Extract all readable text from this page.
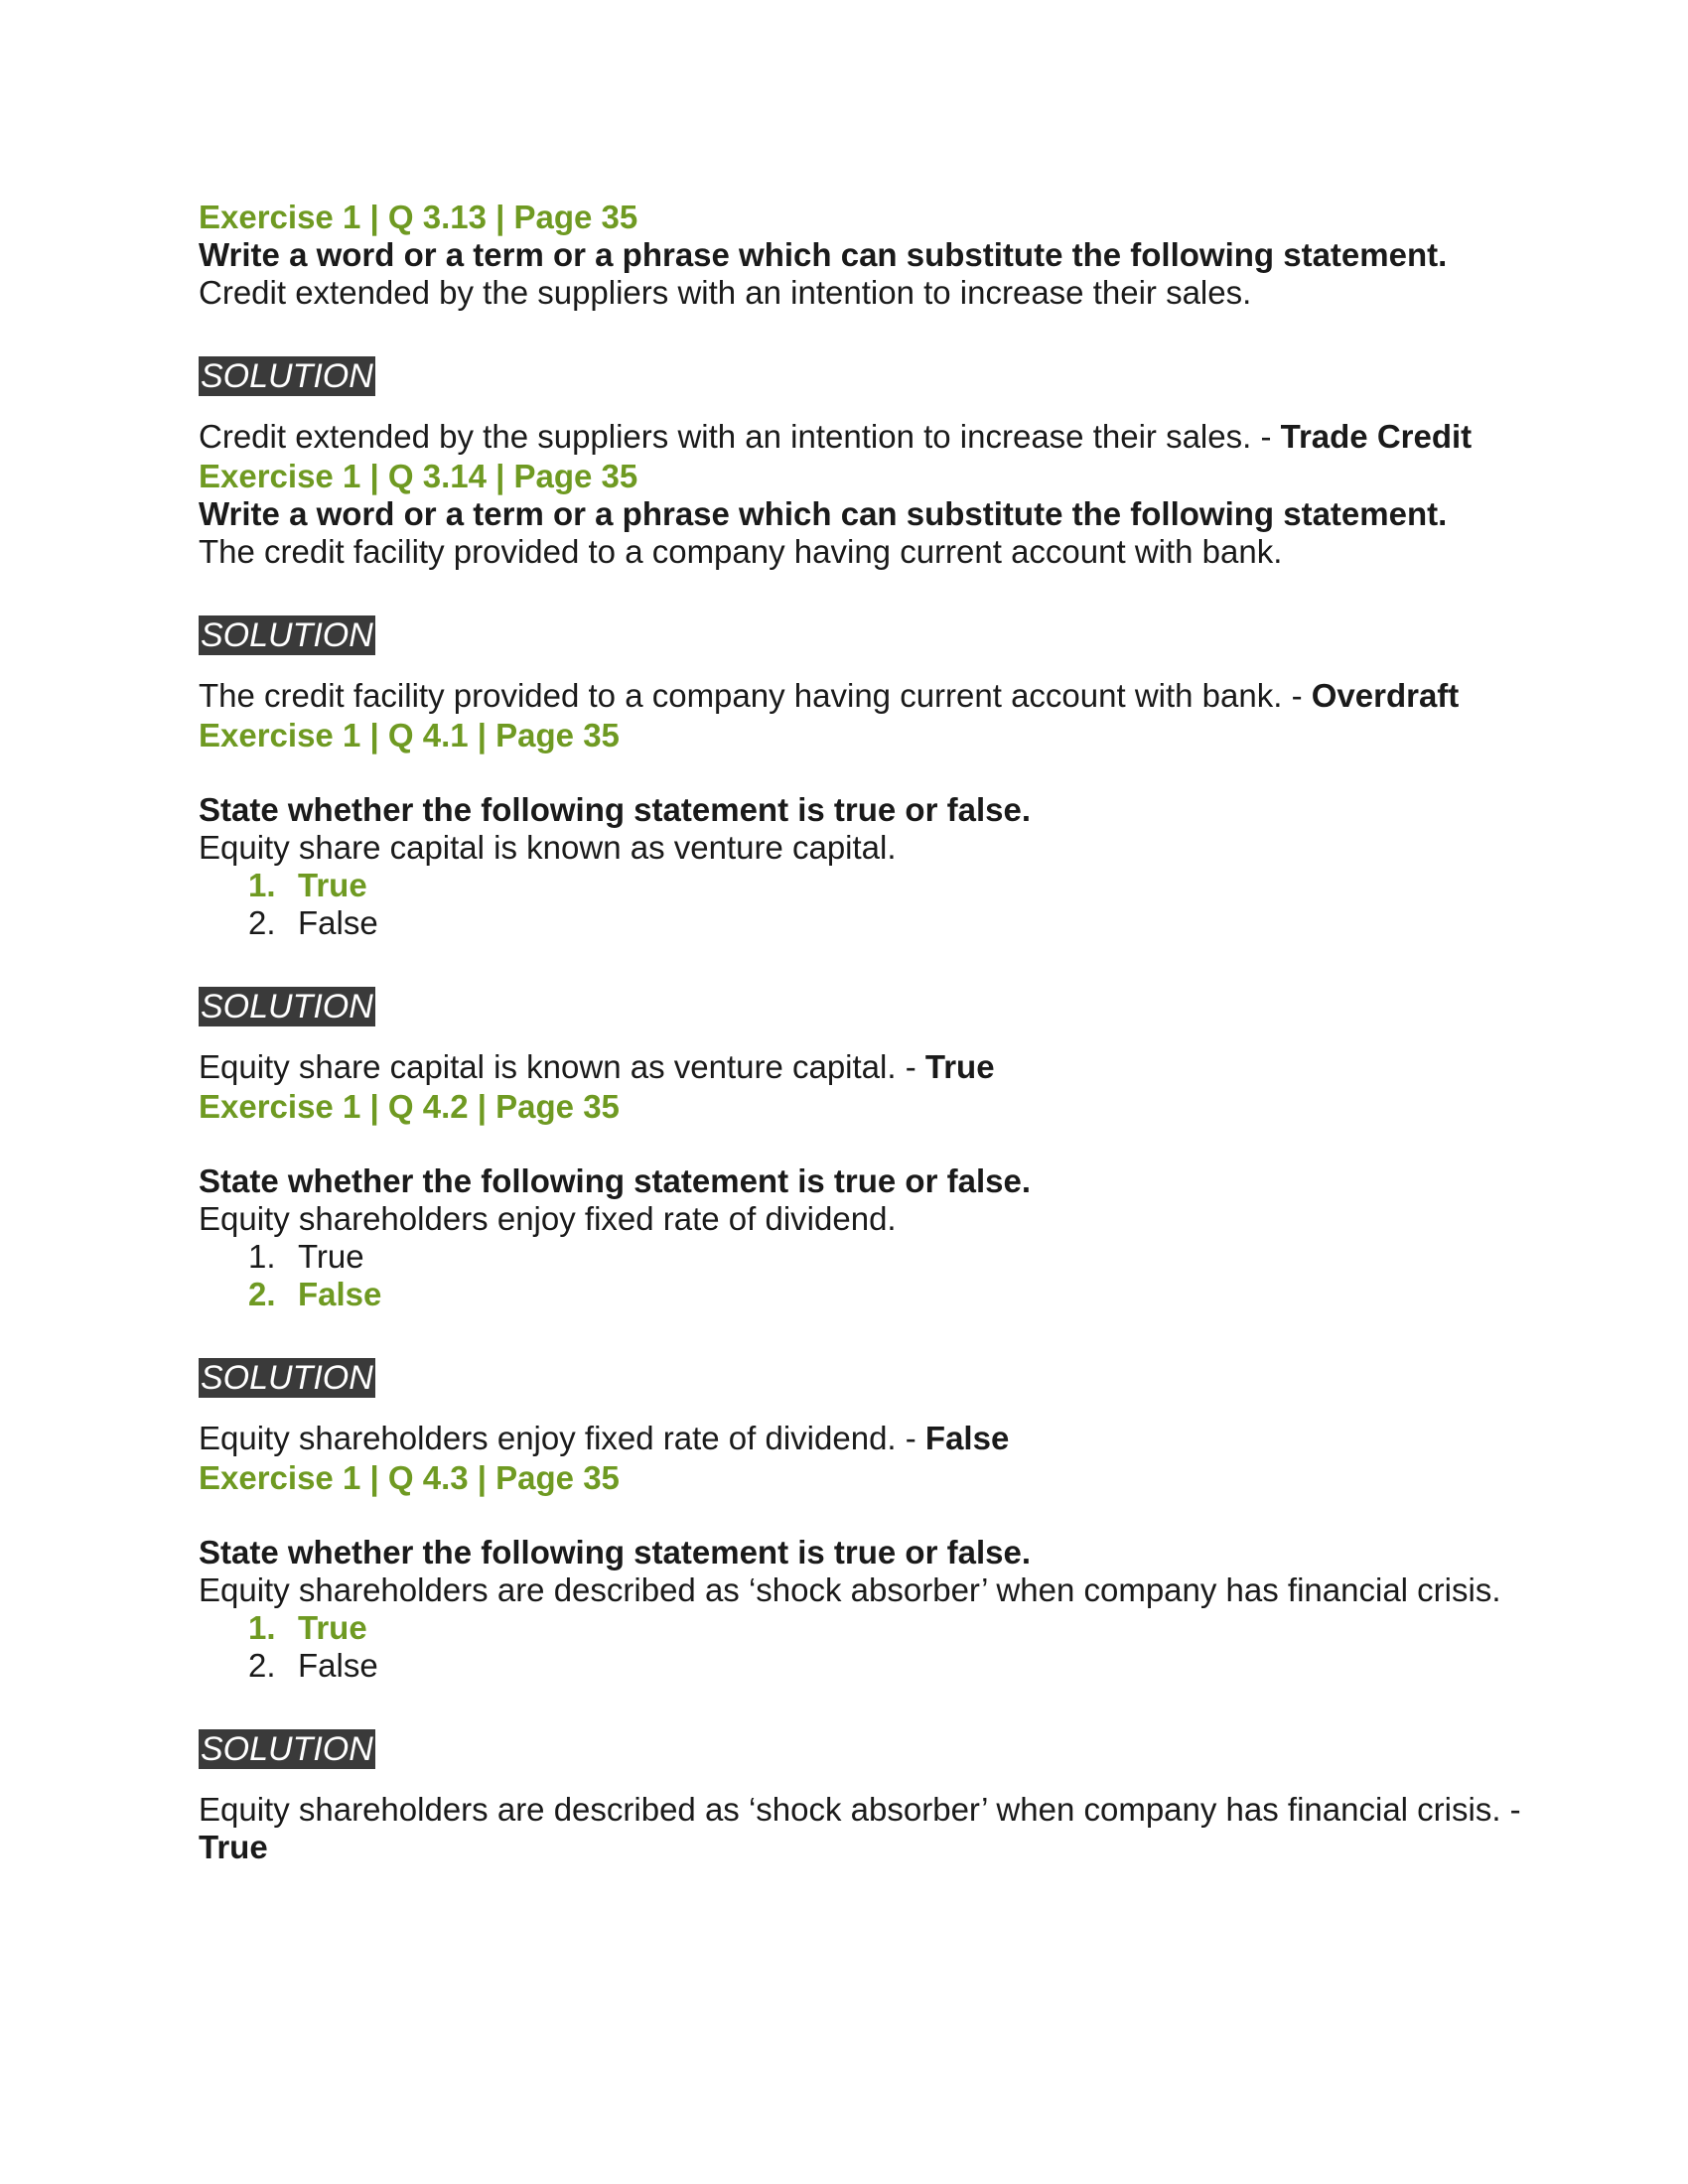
Exercise 1 | Q 3.13 | Page 35
Write a word or a term or a phrase which can substitute the following statement.
Credit extended by the suppliers with an intention to increase their sales.
SOLUTION
Credit extended by the suppliers with an intention to increase their sales. - Trade Credit
Exercise 1 | Q 3.14 | Page 35
Write a word or a term or a phrase which can substitute the following statement.
The credit facility provided to a company having current account with bank.
SOLUTION
The credit facility provided to a company having current account with bank. - Overdraft
Exercise 1 | Q 4.1 | Page 35
State whether the following statement is true or false.
Equity share capital is known as venture capital.
1. True
2. False
SOLUTION
Equity share capital is known as venture capital. - True
Exercise 1 | Q 4.2 | Page 35
State whether the following statement is true or false.
Equity shareholders enjoy fixed rate of dividend.
1. True
2. False
SOLUTION
Equity shareholders enjoy fixed rate of dividend. - False
Exercise 1 | Q 4.3 | Page 35
State whether the following statement is true or false.
Equity shareholders are described as ‘shock absorber’ when company has financial crisis.
1. True
2. False
SOLUTION
Equity shareholders are described as ‘shock absorber’ when company has financial crisis. - True
